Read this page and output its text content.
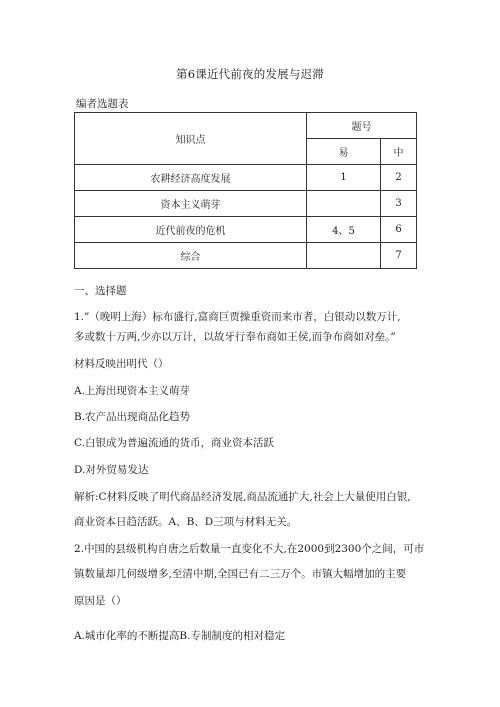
第6课近代前夜的发展与迟滞
编者选题表
知识点	题号	
	易	中
农耕经济高度发展	1	2
资本主义萌芽		3
近代前夜的危机	4、5	6
综合		7
一、选择题
1.”（晚明上海）标布盛行,富商巨贾操重资而来市者，白银动以数万计,
多或数十万两,少亦以万计，以故牙行奉布商如王侯,而争布商如对垒。”
材料反映出明代（）
A.上海出现资本主义萌芽
B.农产品出现商品化趋势
C.白银成为普遍流通的货币，商业资本活跃
D.对外贸易发达
解析:C材料反映了明代商品经济发展,商品流通扩大,社会上大量使用白银,
商业资本日趋活跃。A、B、D三项与材料无关。
2.中国的县级机构自唐之后数量一直变化不大,在2000到2300个之间，可市
镇数量却几何级增多,至清中期,全国已有二三万个。市镇大幅增加的主要
原因是（）
A.城市化率的不断提高B.专制制度的相对稳定
